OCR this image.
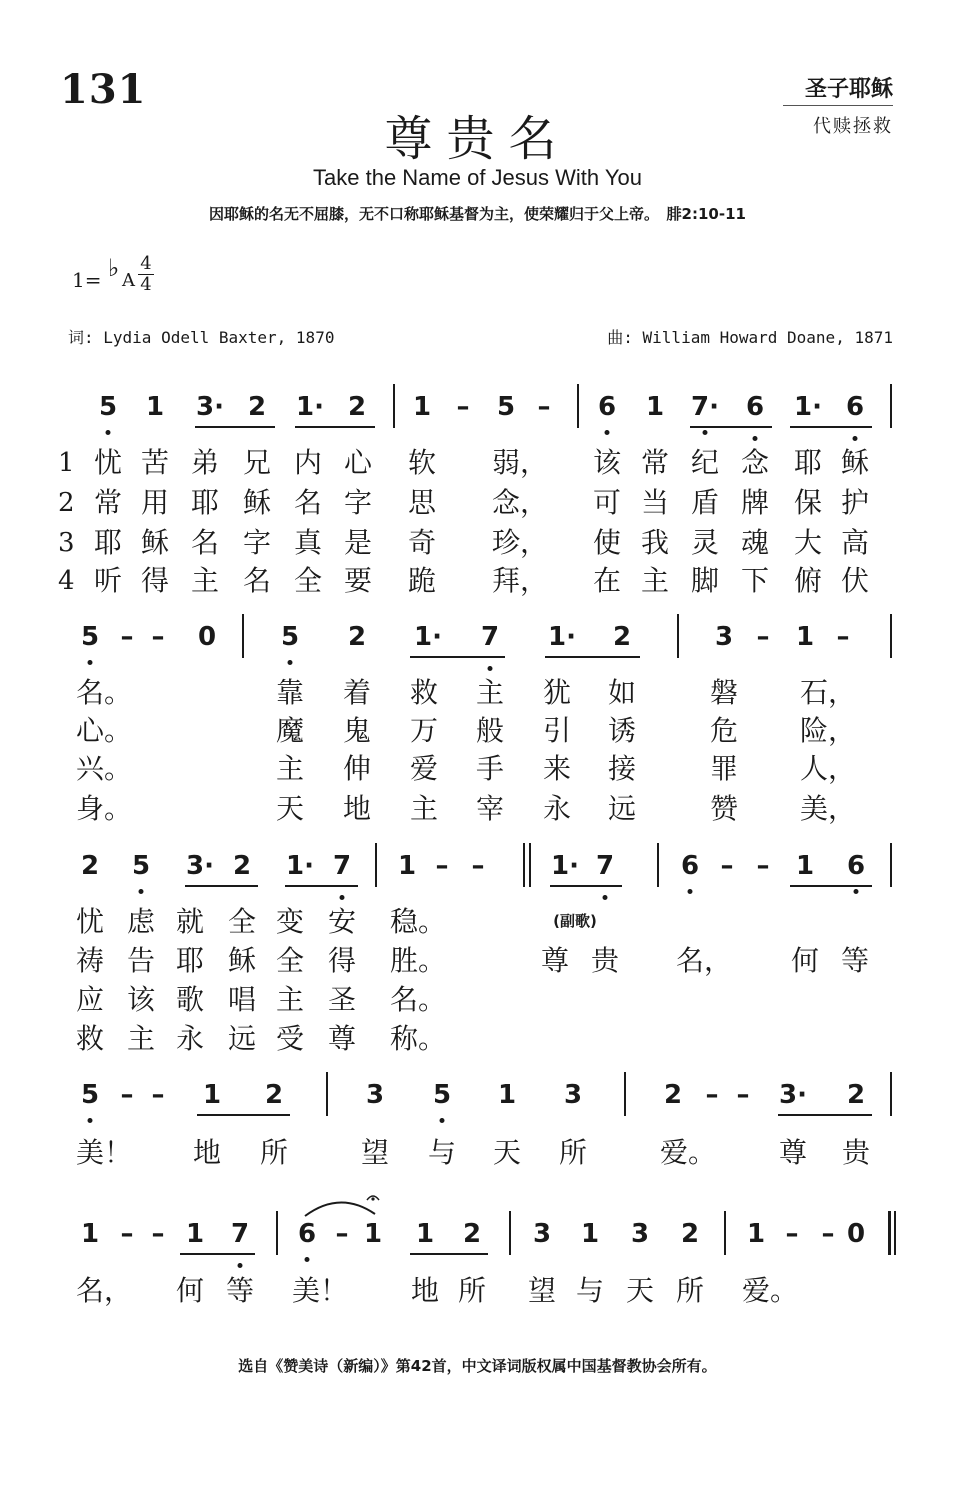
131	圣子耶稣
代赎拯救
尊贵名
Take the Name of Jesus With You
因耶稣的名无不屈膝，无不口称耶稣基督为主，使荣耀归于父上帝。　腓2:10-11
1= ♭ A $\frac{4}{4}$
词: Lydia Odell Baxter, 1870	曲: William Howard Doane, 1871
5 1 3· 2 1· 2 1 – 5 – 6 1 7· 6 1· 6
5 – – 0 5 2 1· 7 1· 2	3 – 1 –
2 5 3· 2 1· 7 1 – –	1· 7	6 – – 1 6
5 – – 1 2	3 5 1 3	2 – – 3· 2
1 – – 1 7 6 – 1 1 2 3 1 3 2 1 – – 0
1
2
3
4
忧 苦 弟 兄 内 心 软 弱， 该 常 纪 念 耶 稣
常 用 耶 稣 名 字 思 念， 可 当 盾 牌 保 护
耶 稣 名 字 真 是 奇 珍， 使 我 灵 魂 大 高
听 得 主 名 全 要 跪 拜， 在 主 脚 下 俯 伏
名。	靠 着 救 主 犹 如	磐 石，
心。	魔 鬼 万 般 引 诱	危 险，
兴。	主 伸 爱 手 来 接	罪 人，
身。	天 地 主 宰 永 远	赞 美，
忧 虑 就 全 变 安 稳。
祷 告 耶 稣 全 得 胜。	尊 贵 名， 何 等
应 该 歌 唱 主 圣 名。
救 主 永 远 受 尊 称。
(副歌)
美！ 地 所	望 与 天 所	爱。 尊 贵
名， 何 等 美！ 地 所 望 与 天 所 爱。
选自《赞美诗（新编）》第42首，中文译词版权属中国基督教协会所有。
